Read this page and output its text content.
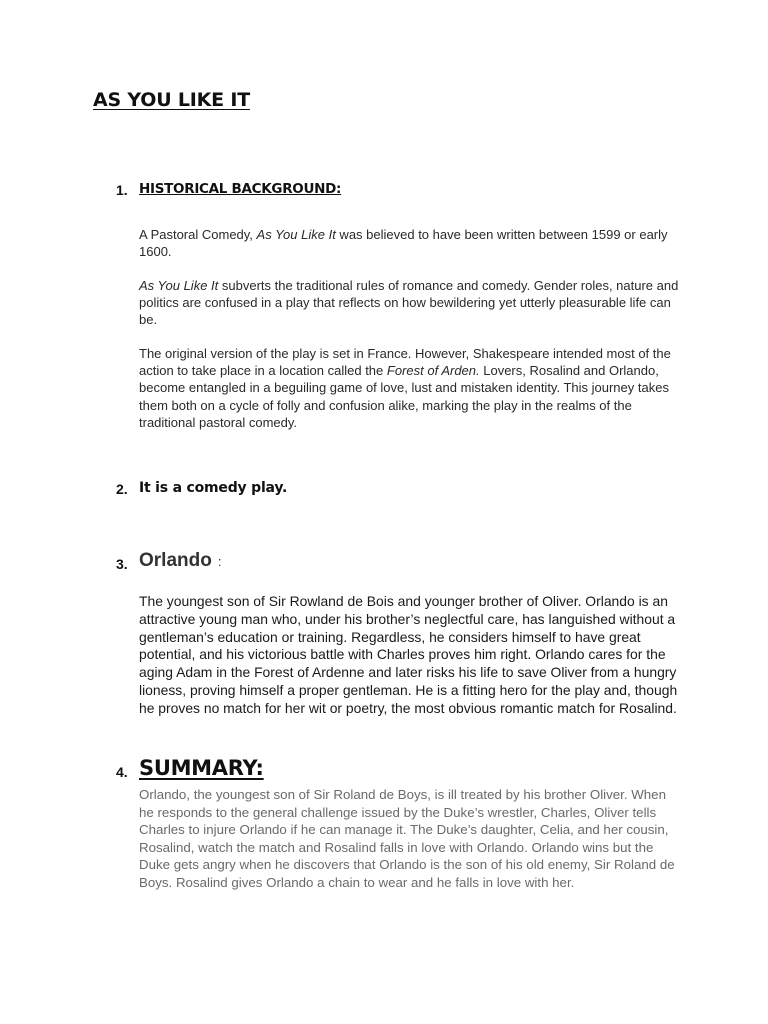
AS YOU LIKE IT
1. HISTORICAL BACKGROUND:

A Pastoral Comedy, As You Like It was believed to have been written between 1599 or early 1600.

As You Like It subverts the traditional rules of romance and comedy. Gender roles, nature and politics are confused in a play that reflects on how bewildering yet utterly pleasurable life can be.

The original version of the play is set in France. However, Shakespeare intended most of the action to take place in a location called the Forest of Arden. Lovers, Rosalind and Orlando, become entangled in a beguiling game of love, lust and mistaken identity. This journey takes them both on a cycle of folly and confusion alike, marking the play in the realms of the traditional pastoral comedy.

2. It is a comedy play.
3. Orlando :

The youngest son of Sir Rowland de Bois and younger brother of Oliver. Orlando is an attractive young man who, under his brother’s neglectful care, has languished without a gentleman’s education or training. Regardless, he considers himself to have great potential, and his victorious battle with Charles proves him right. Orlando cares for the aging Adam in the Forest of Ardenne and later risks his life to save Oliver from a hungry lioness, proving himself a proper gentleman. He is a fitting hero for the play and, though he proves no match for her wit or poetry, the most obvious romantic match for Rosalind.

4. SUMMARY:

Orlando, the youngest son of Sir Roland de Boys, is ill treated by his brother Oliver. When he responds to the general challenge issued by the Duke’s wrestler, Charles, Oliver tells Charles to injure Orlando if he can manage it. The Duke’s daughter, Celia, and her cousin, Rosalind, watch the match and Rosalind falls in love with Orlando. Orlando wins but the Duke gets angry when he discovers that Orlando is the son of his old enemy, Sir Roland de Boys. Rosalind gives Orlando a chain to wear and he falls in love with her.
